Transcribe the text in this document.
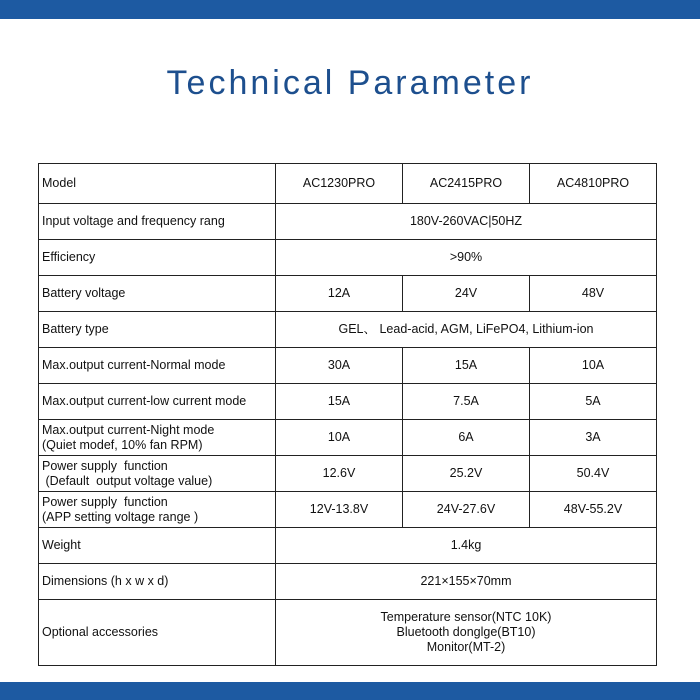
Technical Parameter
Model	AC1230PRO	AC2415PRO	AC4810PRO
Input voltage and frequency rang	180V-260VAC|50HZ		
Efficiency	>90%		
Battery voltage	12A	24V	48V
Battery type	GEL、 Lead-acid, AGM, LiFePO4, Lithium-ion		
Max.output current-Normal mode	30A	15A	10A
Max.output current-low current mode	15A	7.5A	5A

Max.output current-Night mode
(Quiet modef, 10% fan RPM)	10A	6A	3A

Power supply  function
(Default  output voltage value)	12.6V	25.2V	50.4V

Power supply  function
(APP setting voltage range )	12V-13.8V	24V-27.6V	48V-55.2V
Weight	1.4kg		
Dimensions (h x w x d)	221×155×70mm		
Optional accessories	Temperature sensor(NTC 10K)
Bluetooth donglge(BT10)
Monitor(MT-2)		
